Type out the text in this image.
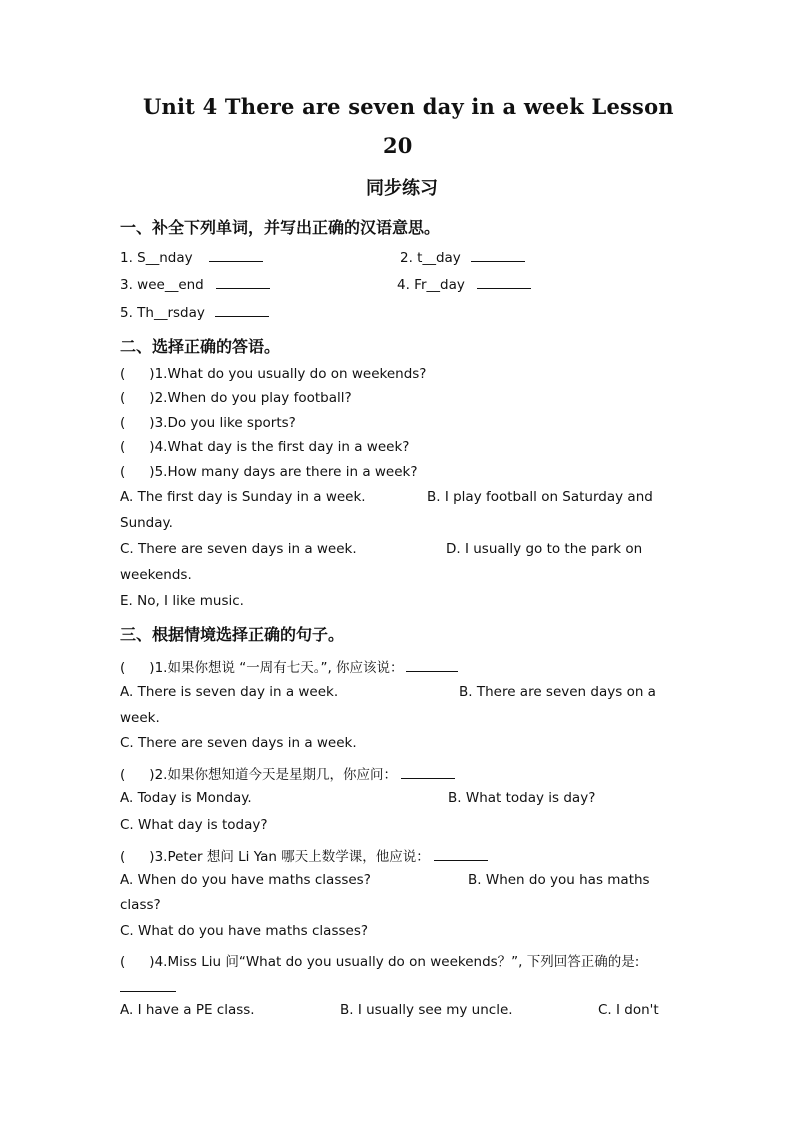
Unit 4 There are seven day in a week Lesson
20
同步练习
一、补全下列单词，并写出正确的汉语意思。
1. S__nday	2. t__day
3. wee__end	4. Fr__day
5. Th__rsday
二、选择正确的答语。
( )1.What do you usually do on weekends?
( )2.When do you play football?
( )3.Do you like sports?
( )4.What day is the first day in a week?
( )5.How many days are there in a week?
A. The first day is Sunday in a week.	B. I play football on Saturday and
Sunday.
C. There are seven days in a week.	D. I usually go to the park on
weekends.
E. No, I like music.
三、根据情境选择正确的句子。
( )1.如果你想说 “一周有七天。”, 你应该说：
A. There is seven day in a week.	B. There are seven days on a
week.
C. There are seven days in a week.
( )2.如果你想知道今天是星期几，你应问：
A. Today is Monday.	B. What today is day?
C. What day is today?
( )3.Peter 想问 Li Yan 哪天上数学课，他应说：
A. When do you have maths classes?	B. When do you has maths
class?
C. What do you have maths classes?
( )4.Miss Liu 问“What do you usually do on weekends？”, 下列回答正确的是:
A. I have a PE class.	B. I usually see my uncle.	C. I don't
